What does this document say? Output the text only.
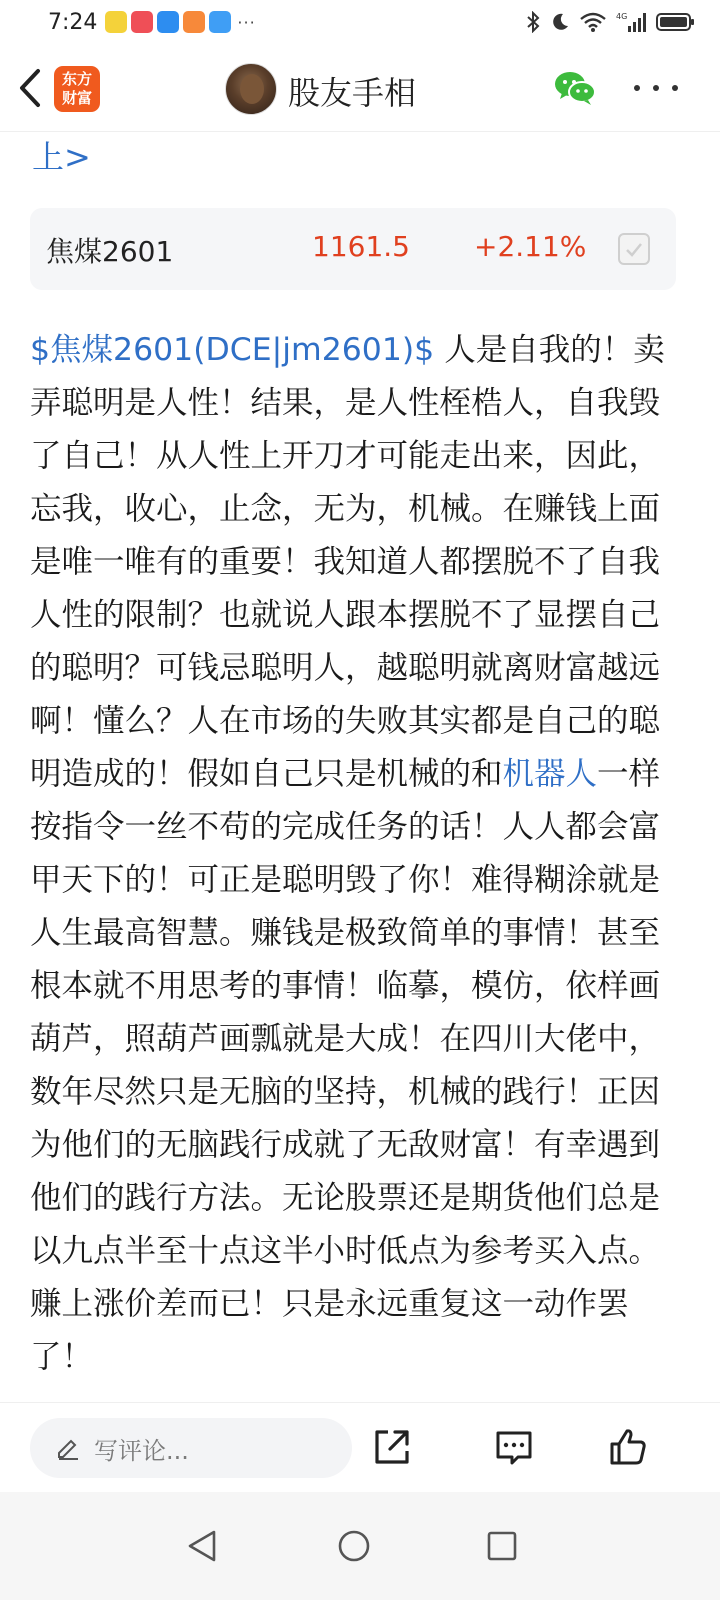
7:24	···	4G
东方
财富	股友手相
上>
焦煤2601	1161.5 +2.11%
$焦煤2601(DCE|jm2601)$ 人是自我的！卖弄聪明是人性！结果，是人性桎梏人，自我毁了自己！从人性上开刀才可能走出来，因此，忘我，收心，止念，无为，机械。在赚钱上面是唯一唯有的重要！我知道人都摆脱不了自我人性的限制？也就说人跟本摆脱不了显摆自己的聪明？可钱忌聪明人，越聪明就离财富越远啊！懂么？人在市场的失败其实都是自己的聪明造成的！假如自己只是机械的和机器人一样按指令一丝不苟的完成任务的话！人人都会富甲天下的！可正是聪明毁了你！难得糊涂就是人生最高智慧。赚钱是极致简单的事情！甚至根本就不用思考的事情！临摹，模仿，依样画葫芦，照葫芦画瓢就是大成！在四川大佬中，数年尽然只是无脑的坚持，机械的践行！正因为他们的无脑践行成就了无敌财富！有幸遇到他们的践行方法。无论股票还是期货他们总是以九点半至十点这半小时低点为参考买入点。赚上涨价差而已！只是永远重复这一动作罢了！
写评论...
